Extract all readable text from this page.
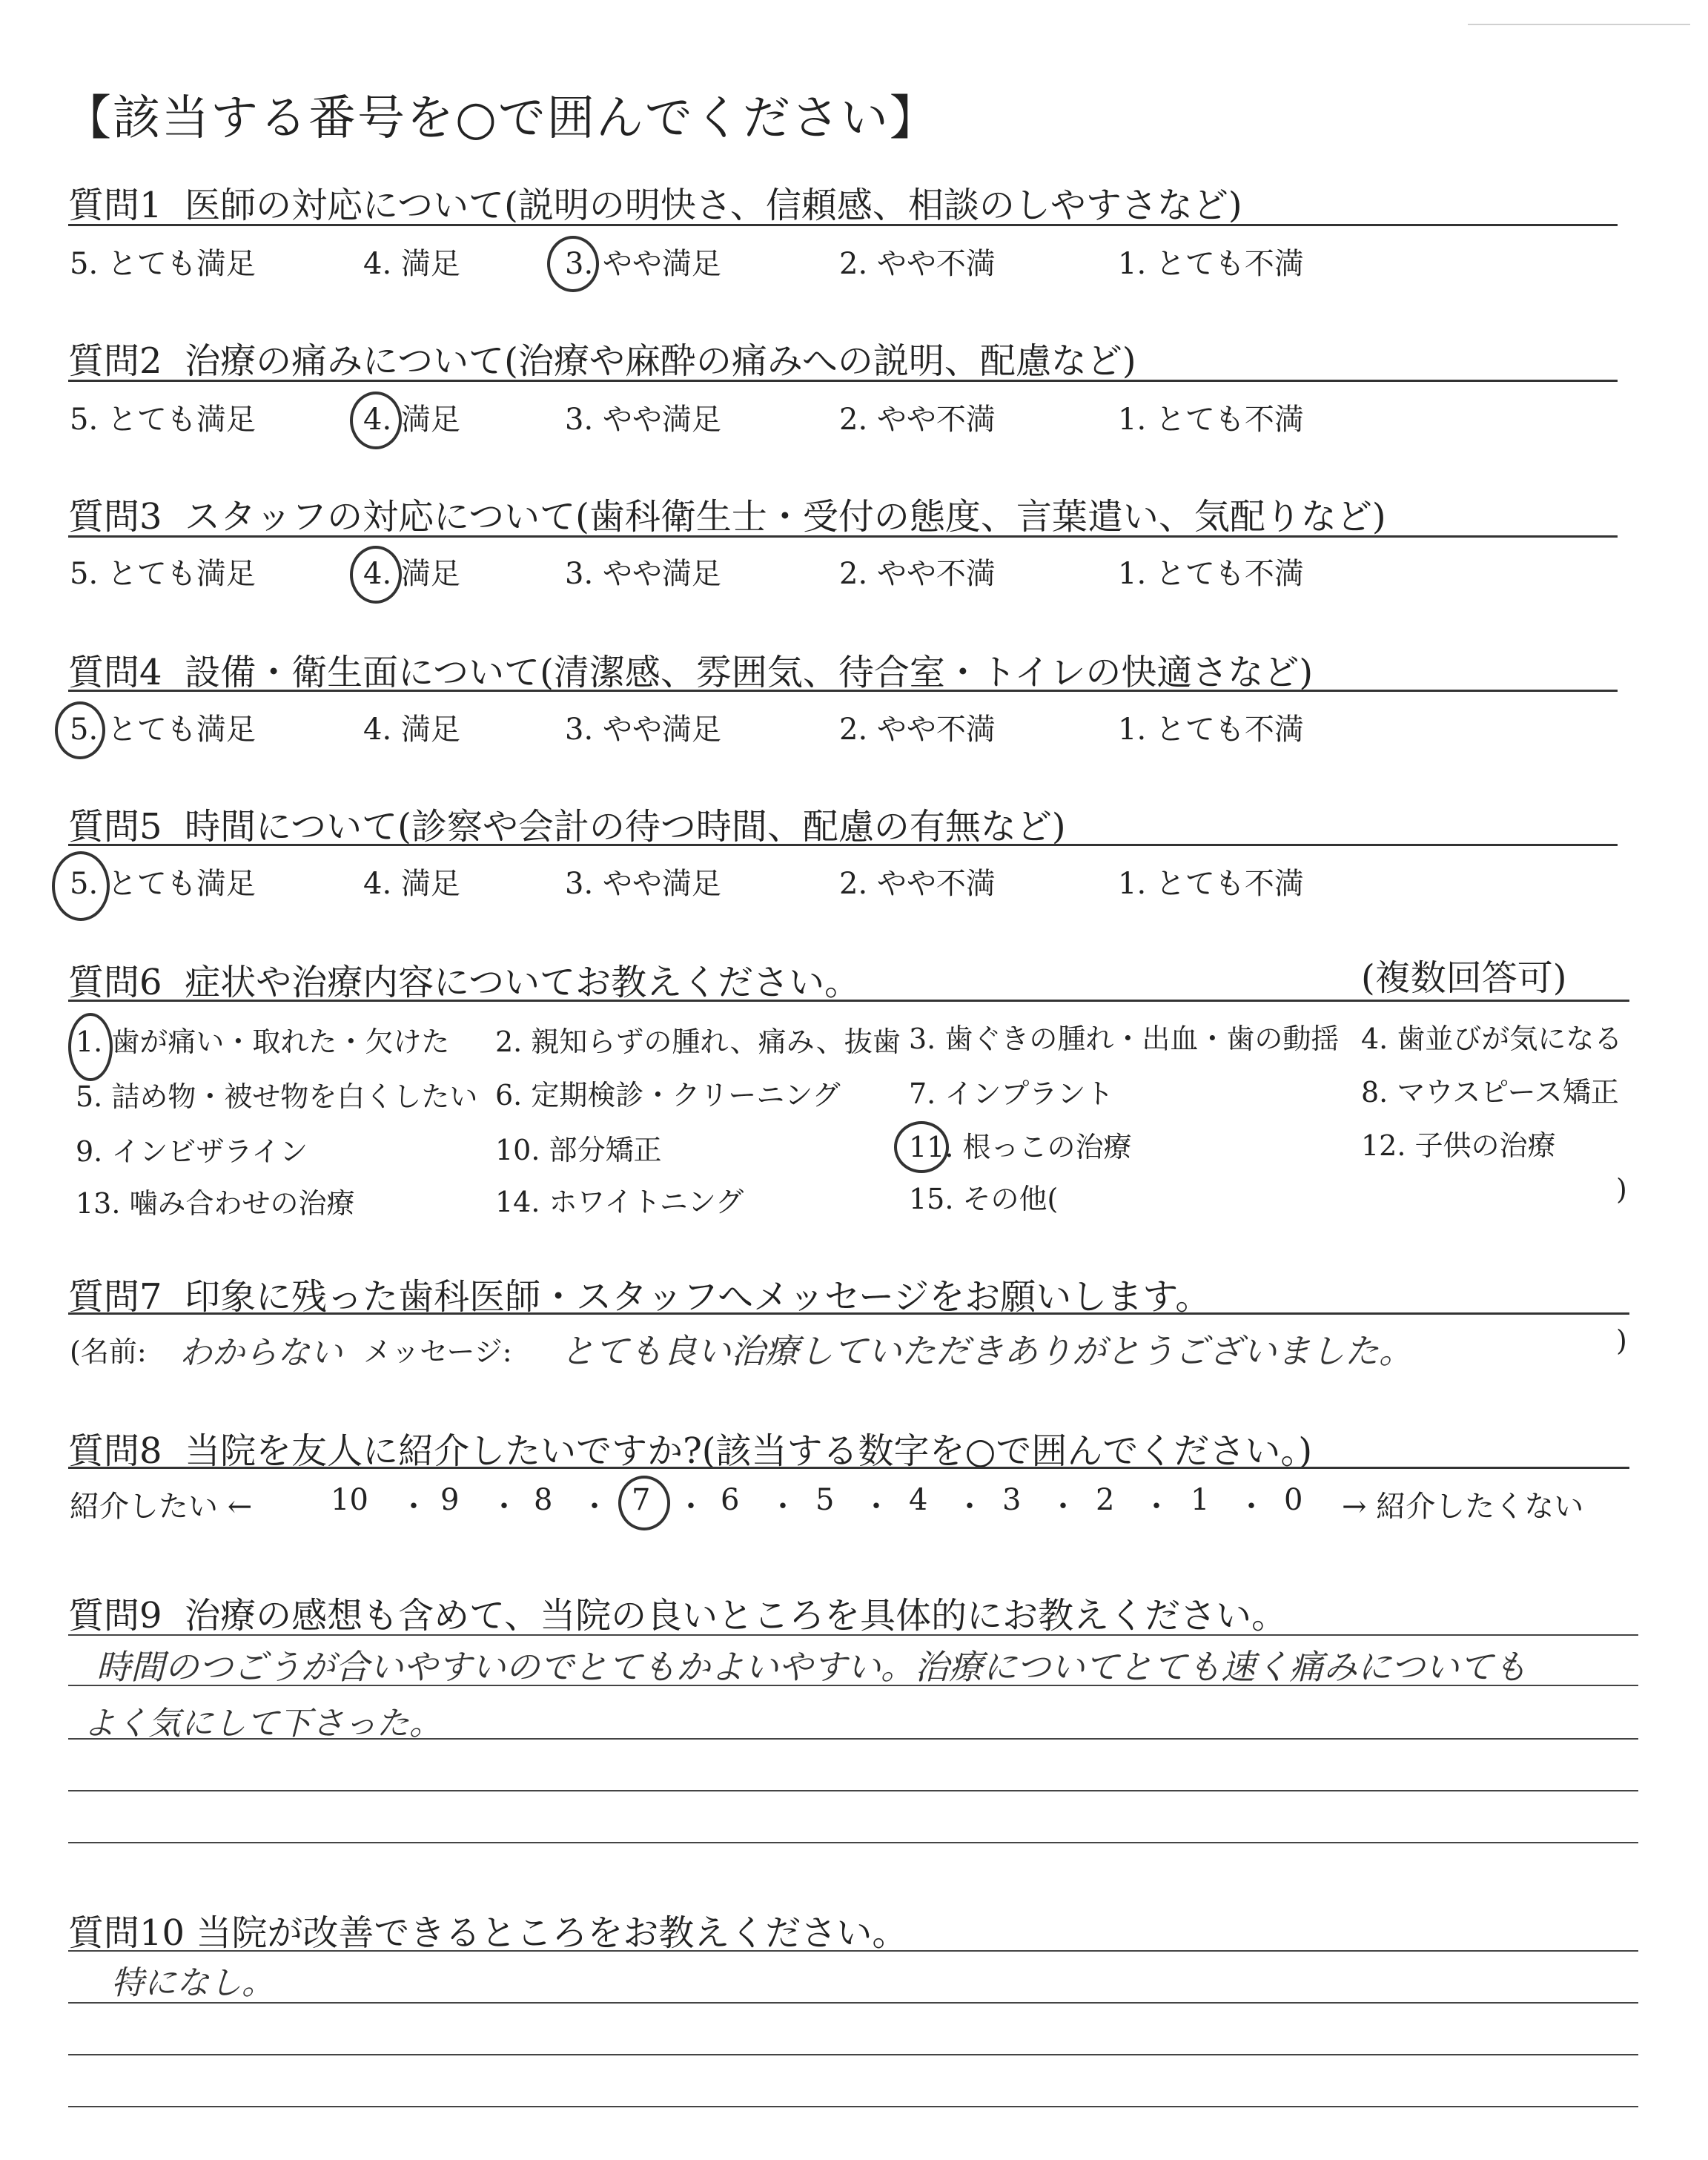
【該当する番号を○で囲んでください】
質問1 医師の対応について(説明の明快さ、信頼感、相談のしやすさなど)
5. とても満足	4. 満足	3. やや満足	2. やや不満	1. とても不満
質問2 治療の痛みについて(治療や麻酔の痛みへの説明、配慮など)
5. とても満足	4. 満足	3. やや満足	2. やや不満	1. とても不満
質問3 スタッフの対応について(歯科衛生士・受付の態度、言葉遣い、気配りなど)
5. とても満足	4. 満足	3. やや満足	2. やや不満	1. とても不満
質問4 設備・衛生面について(清潔感、雰囲気、待合室・トイレの快適さなど)
5. とても満足	4. 満足	3. やや満足	2. やや不満	1. とても不満
質問5 時間について(診察や会計の待つ時間、配慮の有無など)
5. とても満足	4. 満足	3. やや満足	2. やや不満	1. とても不満
質問6 症状や治療内容についてお教えください。	(複数回答可)
1. 歯が痛い・取れた・欠けた 2. 親知らずの腫れ、痛み、抜歯 3. 歯ぐきの腫れ・出血・歯の動揺 4. 歯並びが気になる
5. 詰め物・被せ物を白くしたい 6. 定期検診・クリーニング 7. インプラント	8. マウスピース矯正
9. インビザライン	10. 部分矯正	11. 根っこの治療	12. 子供の治療
13. 噛み合わせの治療	14. ホワイトニング	15. その他(	)
質問7 印象に残った歯科医師・スタッフへメッセージをお願いします。
(名前: わからない メッセージ: とても良い治療していただきありがとうございました。	)
質問8 当院を友人に紹介したいですか?(該当する数字を○で囲んでください。)
紹介したい ←	10 ・ 9 ・ 8 ・ 7 ・ 6 ・ 5 ・ 4 ・ 3 ・ 2 ・ 1 ・ 0 → 紹介したくない
質問9 治療の感想も含めて、当院の良いところを具体的にお教えください。
時間のつごうが合いやすいのでとてもかよいやすい。治療についてとても速く痛みについても
よく気にして下さった。
質問10 当院が改善できるところをお教えください。
特になし。
